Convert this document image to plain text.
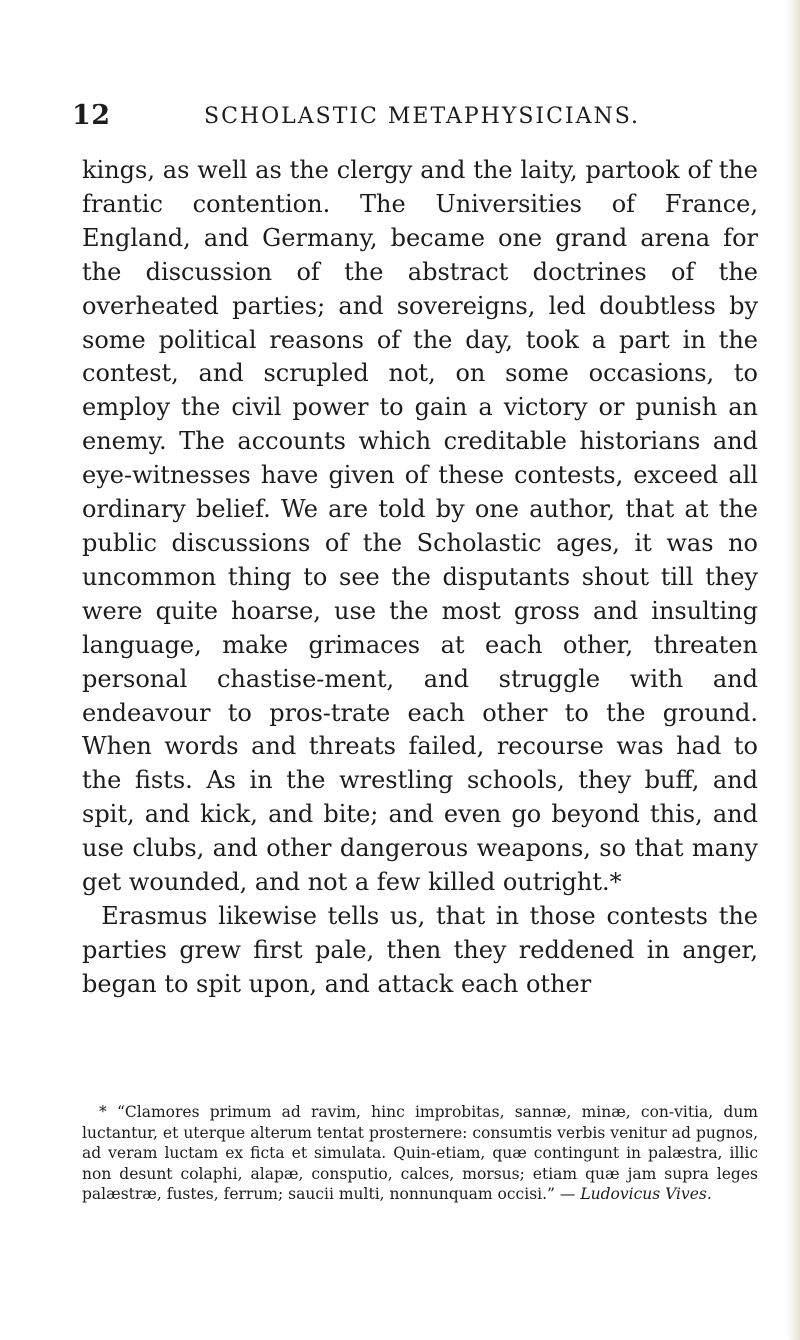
12	SCHOLASTIC METAPHYSICIANS.

kings, as well as the clergy and the laity, partook of the frantic contention. The Universities of France, England, and Germany, became one grand arena for the discussion of the abstract doctrines of the overheated parties; and sovereigns, led doubtless by some political reasons of the day, took a part in the contest, and scrupled not, on some occasions, to employ the civil power to gain a victory or punish an enemy. The accounts which creditable historians and eye-witnesses have given of these contests, exceed all ordinary belief. We are told by one author, that at the public discussions of the Scholastic ages, it was no uncommon thing to see the disputants shout till they were quite hoarse, use the most gross and insulting language, make grimaces at each other, threaten personal chastise-ment, and struggle with and endeavour to pros-trate each other to the ground. When words and threats failed, recourse was had to the fists. As in the wrestling schools, they buff, and spit, and kick, and bite; and even go beyond this, and use clubs, and other dangerous weapons, so that many get wounded, and not a few killed outright.*

Erasmus likewise tells us, that in those contests the parties grew first pale, then they reddened in anger, began to spit upon, and attack each other

* “Clamores primum ad ravim, hinc improbitas, sannæ, minæ, con-vitia, dum luctantur, et uterque alterum tentat prosternere: consumtis verbis venitur ad pugnos, ad veram luctam ex ficta et simulata. Quin-etiam, quæ contingunt in palæstra, illic non desunt colaphi, alapæ, consputio, calces, morsus; etiam quæ jam supra leges palæstræ, fustes, ferrum; saucii multi, nonnunquam occisi.” — Ludovicus Vives.
